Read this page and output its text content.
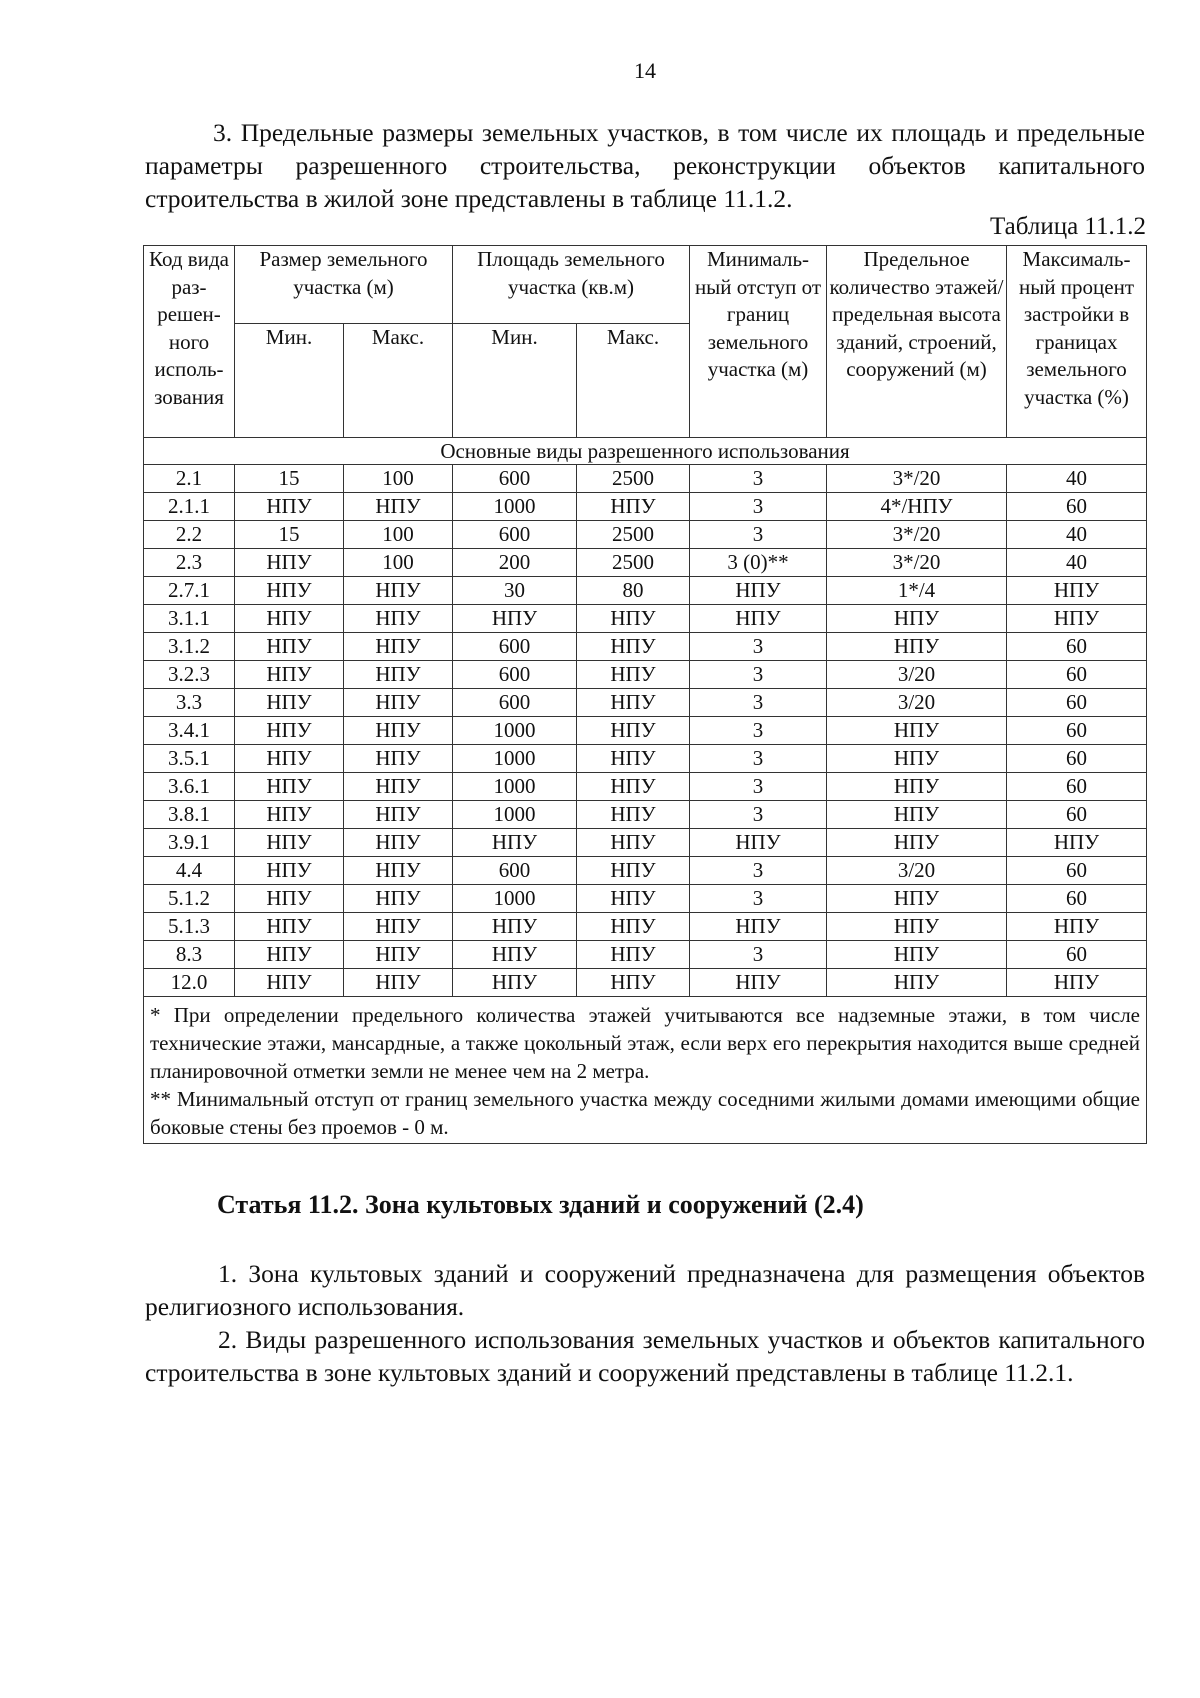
14
3. Предельные размеры земельных участков, в том числе их площадь и предельные параметры разрешенного строительства, реконструкции объектов капитального строительства в жилой зоне представлены в таблице 11.1.2.
Таблица 11.1.2
Код вида раз-решен-ного исполь-зования	Размер земельного участка (м)		Площадь земельного участка (кв.м)		Минималь-ный отступ от границ земельного участка (м)	Предельное количество этажей/ предельная высота зданий, строений, сооружений (м)	Максималь-ный процент застройки в границах земельного участка (%)
	Мин.	Макс.	Мин.	Макс.			
Основные виды разрешенного использования							
2.1	15	100	600	2500	3	3*/20	40
2.1.1	НПУ	НПУ	1000	НПУ	3	4*/НПУ	60
2.2	15	100	600	2500	3	3*/20	40
2.3	НПУ	100	200	2500	3 (0)**	3*/20	40
2.7.1	НПУ	НПУ	30	80	НПУ	1*/4	НПУ
3.1.1	НПУ	НПУ	НПУ	НПУ	НПУ	НПУ	НПУ
3.1.2	НПУ	НПУ	600	НПУ	3	НПУ	60
3.2.3	НПУ	НПУ	600	НПУ	3	3/20	60
3.3	НПУ	НПУ	600	НПУ	3	3/20	60
3.4.1	НПУ	НПУ	1000	НПУ	3	НПУ	60
3.5.1	НПУ	НПУ	1000	НПУ	3	НПУ	60
3.6.1	НПУ	НПУ	1000	НПУ	3	НПУ	60
3.8.1	НПУ	НПУ	1000	НПУ	3	НПУ	60
3.9.1	НПУ	НПУ	НПУ	НПУ	НПУ	НПУ	НПУ
4.4	НПУ	НПУ	600	НПУ	3	3/20	60
5.1.2	НПУ	НПУ	1000	НПУ	3	НПУ	60
5.1.3	НПУ	НПУ	НПУ	НПУ	НПУ	НПУ	НПУ
8.3	НПУ	НПУ	НПУ	НПУ	3	НПУ	60
12.0	НПУ	НПУ	НПУ	НПУ	НПУ	НПУ	НПУ

* При определении предельного количества этажей учитываются все надземные этажи, в том числе технические этажи, мансардные, а также цокольный этаж, если верх его перекрытия находится выше средней планировочной отметки земли не менее чем на 2 метра.

** Минимальный отступ от границ земельного участка между соседними жилыми домами имеющими общие боковые стены без проемов - 0 м.							

Статья 11.2. Зона культовых зданий и сооружений (2.4)
1. Зона культовых зданий и сооружений предназначена для размещения объектов религиозного использования.
2. Виды разрешенного использования земельных участков и объектов капитального строительства в зоне культовых зданий и сооружений представлены в таблице 11.2.1.
